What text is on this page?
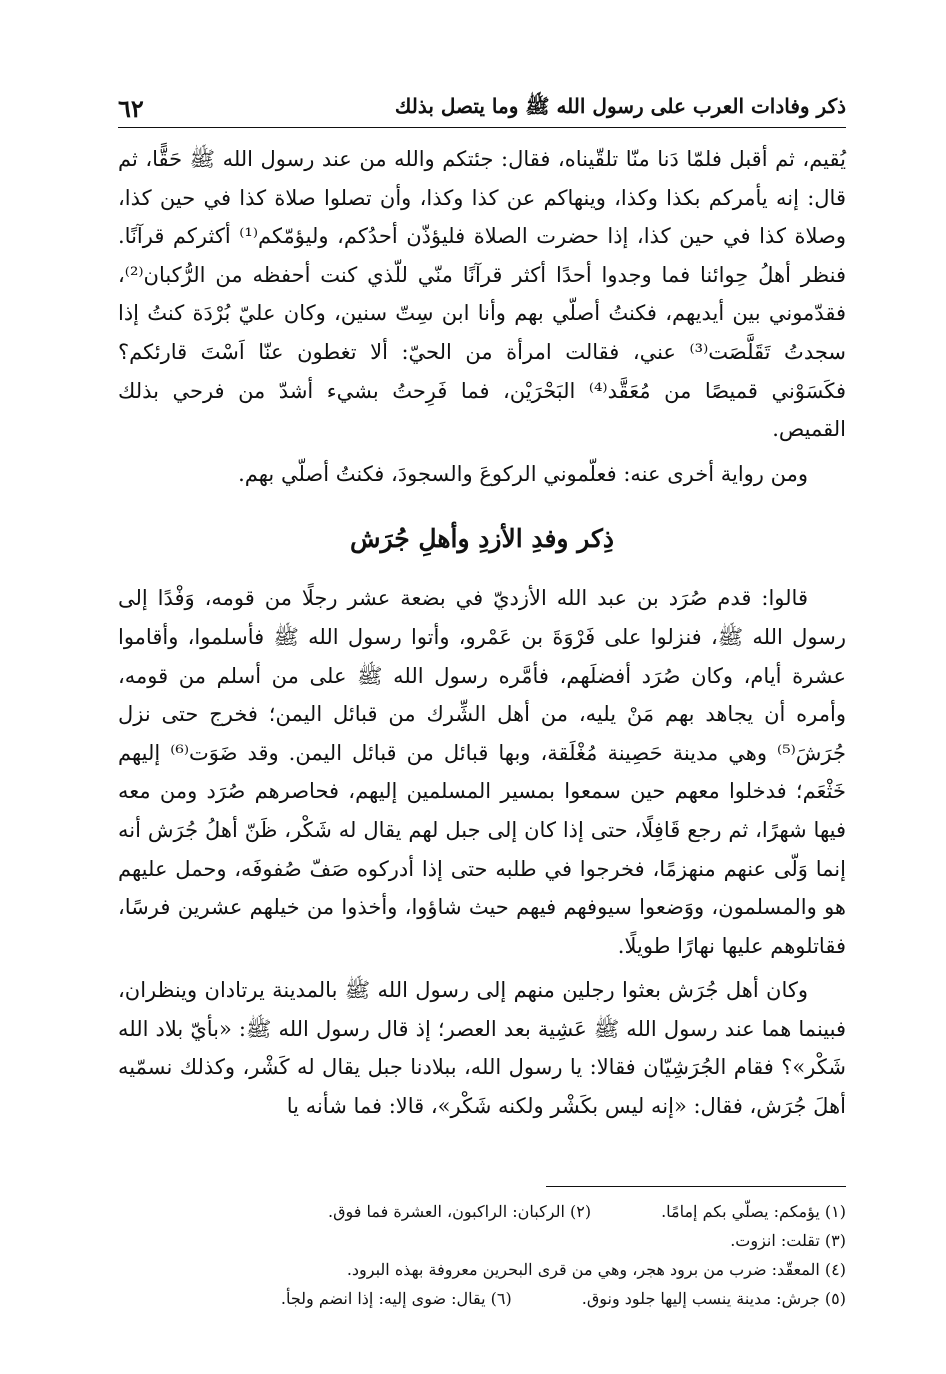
ذكر وفادات العرب على رسول الله ﷺ وما يتصل بذلك
٦٢

يُقيم، ثم أقبل فلمّا دَنا منّا تلقّيناه، فقال: جئتكم والله من عند رسول الله ﷺ حَقًّا، ثم قال: إنه يأمركم بكذا وكذا، وينهاكم عن كذا وكذا، وأن تصلوا صلاة كذا في حين كذا، وصلاة كذا في حين كذا، إذا حضرت الصلاة فليؤذّن أحدُكم، وليؤمّكم⁽¹⁾ أكثركم قرآنًا. فنظر أهلُ حِوائنا فما وجدوا أحدًا أكثر قرآنًا منّي للّذي كنت أحفظه من الرُّكبان⁽²⁾، فقدّموني بين أيديهم، فكنتُ أصلّي بهم وأنا ابن سِتّ سنين، وكان عليّ بُرْدَة كنتُ إذا سجدتُ تَقَلَّصَت⁽³⁾ عني، فقالت امرأة من الحيّ: ألا تغطون عنّا اَسْتَ قارئكم؟ فكَسَوْني قميصًا من مُعَقَّد⁽⁴⁾ البَحْرَيْن، فما فَرِحتُ بشيء أشدّ من فرحي بذلك القميص.

ومن رواية أخرى عنه: فعلّموني الركوعَ والسجودَ، فكنتُ أصلّي بهم.

ذِكر وفدِ الأزدِ وأهلِ جُرَش

قالوا: قدم صُرَد بن عبد الله الأزديّ في بضعة عشر رجلًا من قومه، وَفْدًا إلى رسول الله ﷺ، فنزلوا على فَرْوَةَ بن عَمْرو، وأتوا رسول الله ﷺ فأسلموا، وأقاموا عشرة أيام، وكان صُرَد أفضلَهم، فأمَّره رسول الله ﷺ على من أسلم من قومه، وأمره أن يجاهد بهم مَنْ يليه، من أهل الشِّرك من قبائل اليمن؛ فخرج حتى نزل جُرَشَ⁽⁵⁾ وهي مدينة حَصِينة مُغْلَقة، وبها قبائل من قبائل اليمن. وقد ضَوَت⁽⁶⁾ إليهم خَثْعَم؛ فدخلوا معهم حين سمعوا بمسير المسلمين إليهم، فحاصرهم صُرَد ومن معه فيها شهرًا، ثم رجع قَافِلًا، حتى إذا كان إلى جبل لهم يقال له شَكْر، ظَنّ أهلُ جُرَش أنه إنما وَلّى عنهم منهزمًا، فخرجوا في طلبه حتى إذا أدركوه صَفّ صُفوفَه، وحمل عليهم هو والمسلمون، ووَضعوا سيوفهم فيهم حيث شاؤوا، وأخذوا من خيلهم عشرين فرسًا، فقاتلوهم عليها نهارًا طويلًا.

وكان أهل جُرَش بعثوا رجلين منهم إلى رسول الله ﷺ بالمدينة يرتادان وينظران، فبينما هما عند رسول الله ﷺ عَشِية بعد العصر؛ إذ قال رسول الله ﷺ: «بأيّ بلاد الله شَكْر»؟ فقام الجُرَشِيّان فقالا: يا رسول الله، ببلادنا جبل يقال له كَشْر، وكذلك نسمّيه أهلَ جُرَش، فقال: «إنه ليس بكَشْر ولكنه شَكْر»، قالا: فما شأنه يا

(١) يؤمكم: يصلّي بكم إمامًا.
(٢) الركبان: الراكبون، العشرة فما فوق.
(٣) تقلت: انزوت.
(٤) المعقّد: ضرب من برود هجر، وهي من قرى البحرين معروفة بهذه البرود.
(٥) جرش: مدينة ينسب إليها جلود ونوق.
(٦) يقال: ضوى إليه: إذا انضم ولجأ.
